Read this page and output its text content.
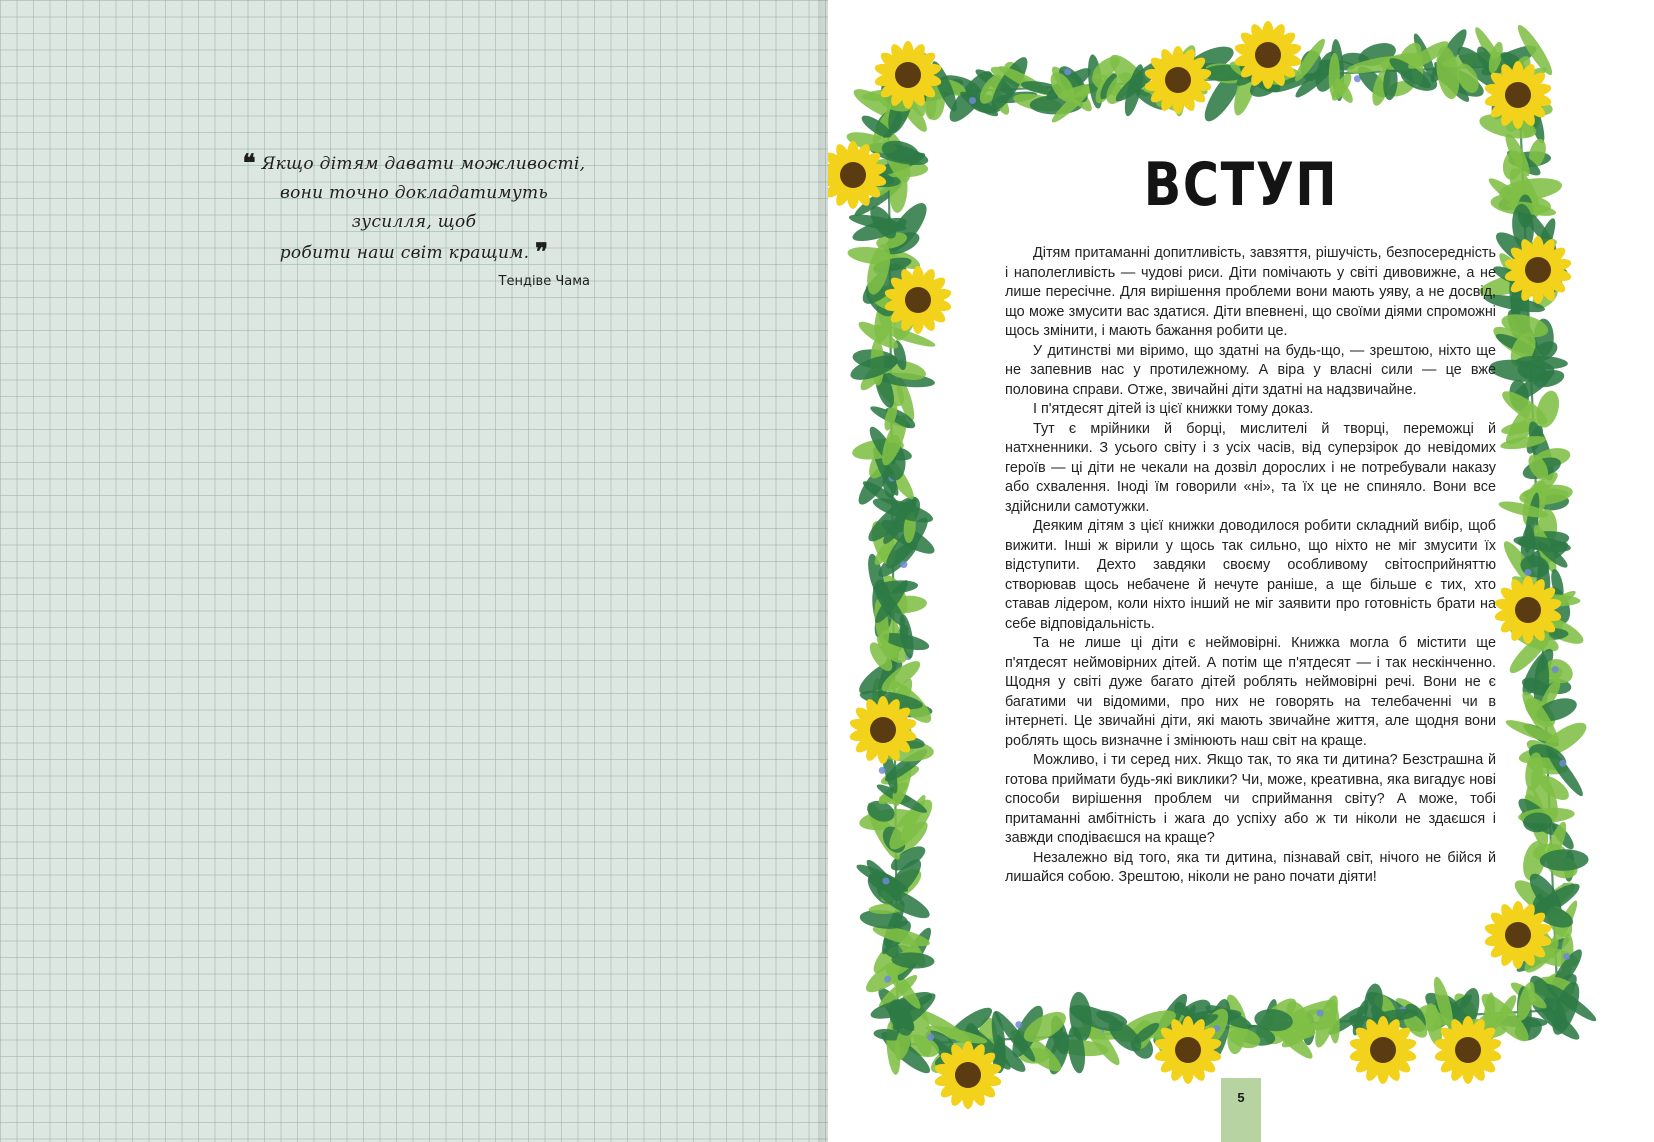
❝ Якщо дітям давати можливості,
вони точно докладатимуть зусилля, щоб
робити наш світ кращим. ❞

Тендіве Чама
ВСТУП

Дітям притаманні допитливість, завзяття, рішучість, безпосередність і наполегливість — чудові риси. Діти помічають у світі дивовижне, а не лише пересічне. Для вирішення проблеми вони мають уяву, а не досвід, що може змусити вас здатися. Діти впевнені, що своїми діями спроможні щось змінити, і мають бажання робити це.

У дитинстві ми віримо, що здатні на будь-що, — зрештою, ніхто ще не запевнив нас у протилежному. А віра у власні сили — це вже половина справи. Отже, звичайні діти здатні на надзвичайне.

І п'ятдесят дітей із цієї книжки тому доказ.

Тут є мрійники й борці, мислителі й творці, переможці й натхненники. З усього світу і з усіх часів, від суперзірок до невідомих героїв — ці діти не чекали на дозвіл дорослих і не потребували наказу або схвалення. Іноді їм говорили «ні», та їх це не спиняло. Вони все здійснили самотужки.

Деяким дітям з цієї книжки доводилося робити складний вибір, щоб вижити. Інші ж вірили у щось так сильно, що ніхто не міг змусити їх відступити. Дехто завдяки своєму особливому світосприйняттю створював щось небачене й нечуте раніше, а ще більше є тих, хто ставав лідером, коли ніхто інший не міг заявити про готовність брати на себе відповідальність.

Та не лише ці діти є неймовірні. Книжка могла б містити ще п'ятдесят неймовірних дітей. А потім ще п'ятдесят — і так нескінченно. Щодня у світі дуже багато дітей роблять неймовірні речі. Вони не є багатими чи відомими, про них не говорять на телебаченні чи в інтернеті. Це звичайні діти, які мають звичайне життя, але щодня вони роблять щось визначне і змінюють наш світ на краще.

Можливо, і ти серед них. Якщо так, то яка ти дитина? Безстрашна й готова приймати будь-які виклики? Чи, може, креативна, яка вигадує нові способи вирішення проблем чи сприймання світу? А може, тобі притаманні амбітність і жага до успіху або ж ти ніколи не здаєшся і завжди сподіваєшся на краще?

Незалежно від того, яка ти дитина, пізнавай світ, нічого не бійся й лишайся собою. Зрештою, ніколи не рано почати діяти!

5
